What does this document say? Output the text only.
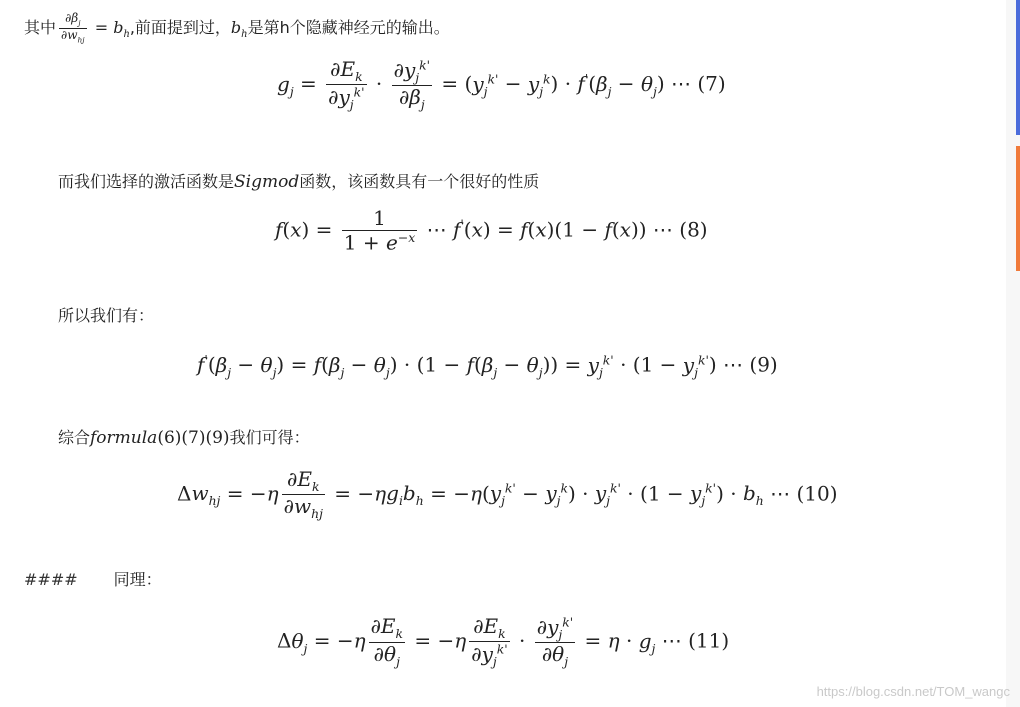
其中 $\frac{\partial\beta_j}{\partial w_{hj}} = b_h$,前面提到过，$b_h$是第h个隐藏神经元的输出。
$g_j = \frac{\partial E_k}{\partial y_j^{k'}} \cdot \frac{\partial y_j^{k'}}{\partial\beta_j} = (y_j^{k'} - y_j^k) \cdot f'(\beta_j - \theta_j)$ ⋯ (7)
而我们选择的激活函数是Sigmod函数，该函数具有一个很好的性质
$f(x) = \frac{1}{1 + e^{-x}}$ ⋯ f'(x) = f(x)(1 − f(x)) ⋯ (8)
所以我们有：
$f'(\beta_j - \theta_j) = f(\beta_j - \theta_j) \cdot (1 - f(\beta_j - \theta_j)) = y_j^{k'} \cdot (1 - y_j^{k'})$ ⋯ (9)
综合formula(6)(7)(9)我们可得：
$\Delta w_{hj} = -\eta \frac{\partial E_k}{\partial w_{hj}} = -\eta g_ib_h = -\eta(y_j^{k'} - y_j^k) \cdot y_j^{k'} \cdot (1 - y_j^{k'}) \cdot b_h$ ⋯ (10)
#### 同理：
$\Delta\theta_j = -\eta \frac{\partial E_k}{\partial\theta_j} = -\eta \frac{\partial E_k}{\partial y_j^{k'}} \cdot \frac{\partial y_j^{k'}}{\partial\theta_j} = \eta \cdot g_j$ ⋯ (11)
https://blog.csdn.net/TOM_wangc
